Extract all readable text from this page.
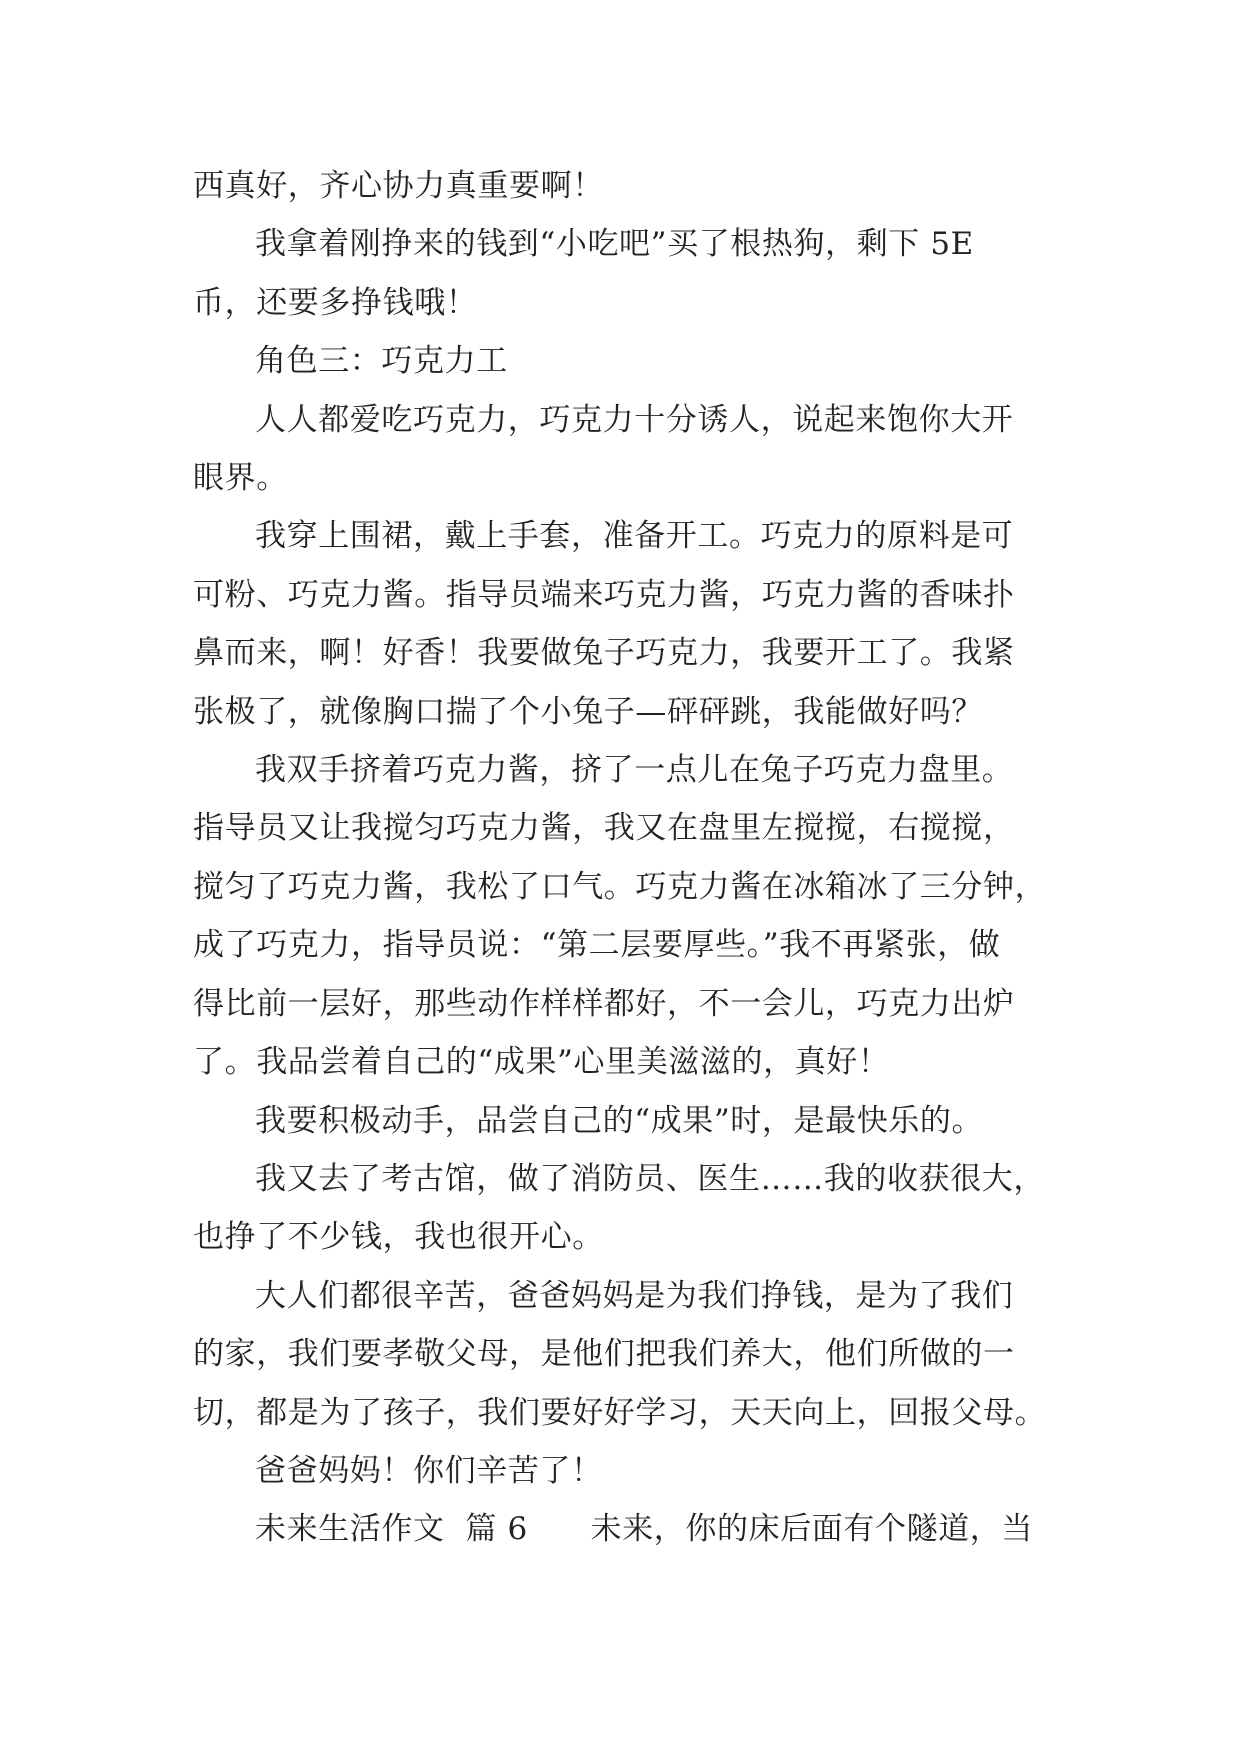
西真好，齐心协力真重要啊！

我拿着刚挣来的钱到“小吃吧”买了根热狗，剩下 5E

币，还要多挣钱哦！

角色三：巧克力工

人人都爱吃巧克力，巧克力十分诱人，说起来饱你大开

眼界。

我穿上围裙，戴上手套，准备开工。巧克力的原料是可

可粉、巧克力酱。指导员端来巧克力酱，巧克力酱的香味扑

鼻而来，啊！好香！我要做兔子巧克力，我要开工了。我紧

张极了，就像胸口揣了个小兔子—砰砰跳，我能做好吗？

我双手挤着巧克力酱，挤了一点儿在兔子巧克力盘里。

指导员又让我搅匀巧克力酱，我又在盘里左搅搅，右搅搅，

搅匀了巧克力酱，我松了口气。巧克力酱在冰箱冰了三分钟，

成了巧克力，指导员说：“第二层要厚些。”我不再紧张，做

得比前一层好，那些动作样样都好，不一会儿，巧克力出炉

了。我品尝着自己的“成果”心里美滋滋的，真好！

我要积极动手，品尝自己的“成果”时，是最快乐的。

我又去了考古馆，做了消防员、医生……我的收获很大，

也挣了不少钱，我也很开心。

大人们都很辛苦，爸爸妈妈是为我们挣钱，是为了我们

的家，我们要孝敬父母，是他们把我们养大，他们所做的一

切，都是为了孩子，我们要好好学习，天天向上，回报父母。

爸爸妈妈！你们辛苦了！

未来生活作文  篇 6      未来，你的床后面有个隧道，当
